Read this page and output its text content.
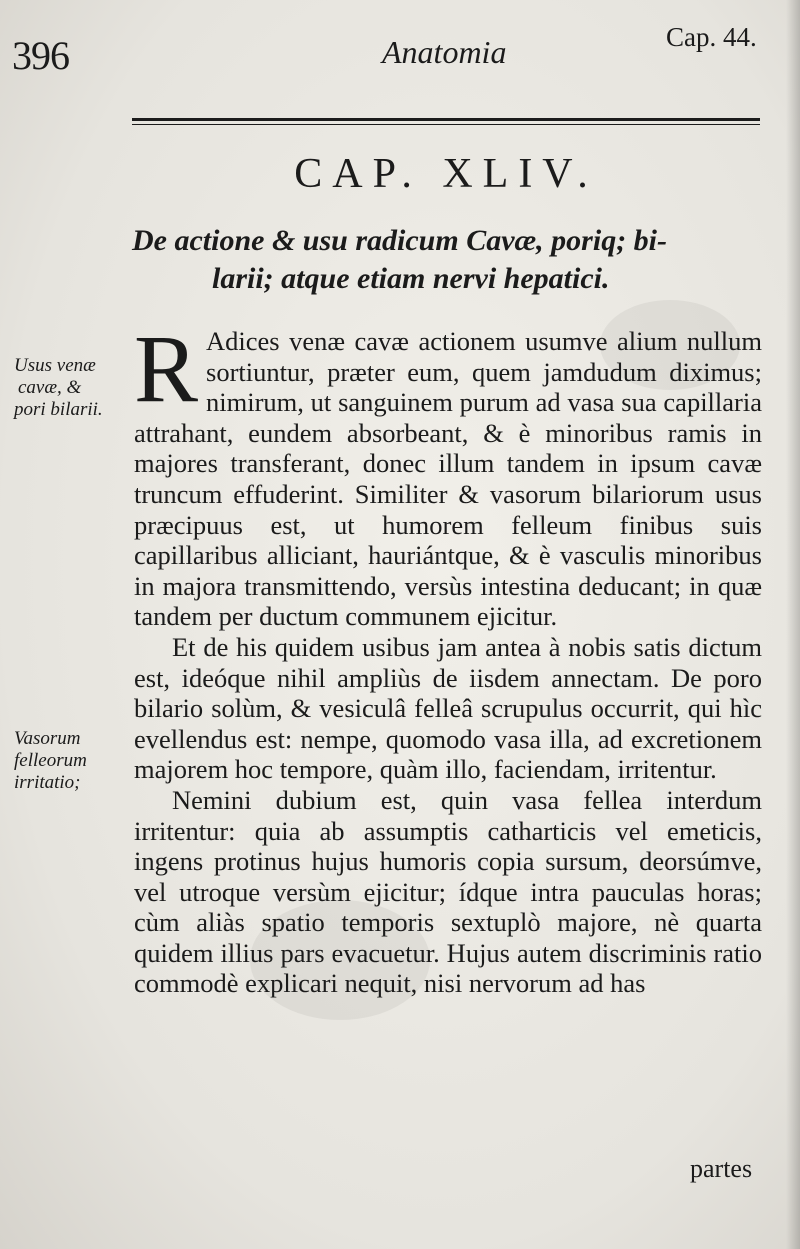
396	Anatomia	Cap. 44.
CAP. XLIV.
De actione & usu radicum Cavæ, poriq; bi-
larii; atque etiam nervi hepatici.
Usus venæ
cavæ, &
pori bilarii.
Vasorum
felleorum
irritatio;

R Adices venæ cavæ actionem usumve alium nullum sortiuntur, præter eum, quem jamdudum diximus; nimirum, ut sanguinem purum ad vasa sua capillaria attrahant, eundem absorbeant, & è minoribus ramis in majores transferant, donec illum tandem in ipsum cavæ truncum effuderint. Similiter & vasorum bilariorum usus præcipuus est, ut humorem felleum finibus suis capillaribus alliciant, hauriántque, & è vasculis minoribus in majora transmittendo, versùs intestina deducant; in quæ tandem per ductum communem ejicitur.

Et de his quidem usibus jam antea à nobis satis dictum est, ideóque nihil ampliùs de iisdem annectam. De poro bilario solùm, & vesiculâ felleâ scrupulus occurrit, qui hìc evellendus est: nempe, quomodo vasa illa, ad excretionem majorem hoc tempore, quàm illo, faciendam, irritentur.

Nemini dubium est, quin vasa fellea interdum irritentur: quia ab assumptis catharticis vel emeticis, ingens protinus hujus humoris copia sursum, deorsúmve, vel utroque versùm ejicitur; ídque intra pauculas horas; cùm aliàs spatio temporis sextuplò majore, nè quarta quidem illius pars evacuetur. Hujus autem discriminis ratio commodè explicari nequit, nisi nervorum ad has

partes
